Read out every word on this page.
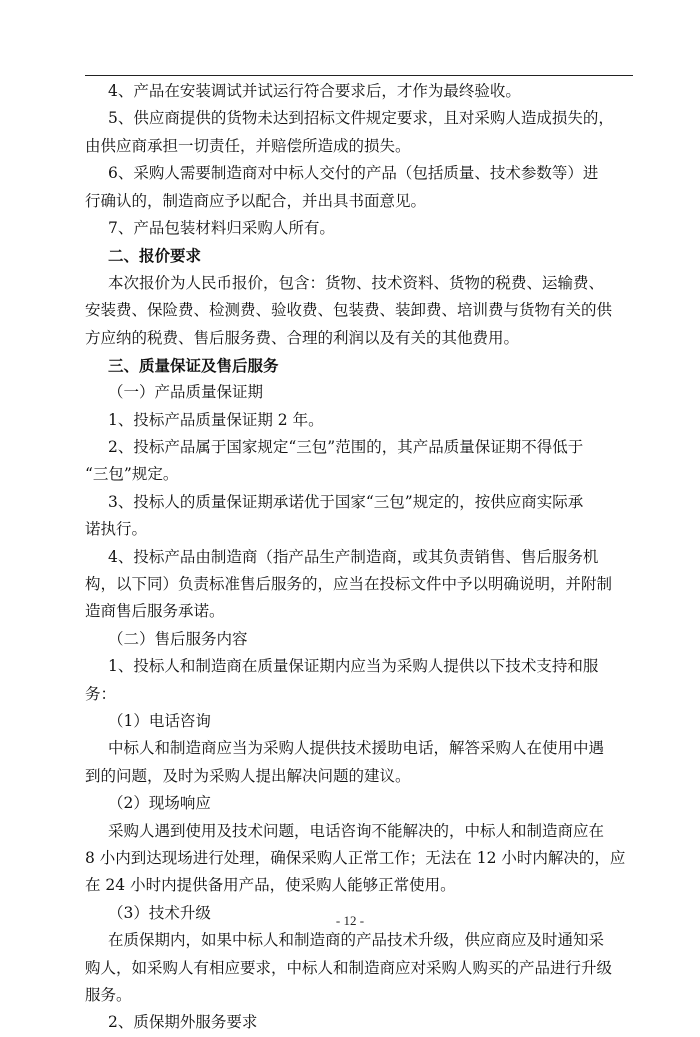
4、产品在安装调试并试运行符合要求后，才作为最终验收。
5、供应商提供的货物未达到招标文件规定要求，且对采购人造成损失的，
由供应商承担一切责任，并赔偿所造成的损失。
6、采购人需要制造商对中标人交付的产品（包括质量、技术参数等）进
行确认的，制造商应予以配合，并出具书面意见。
7、产品包装材料归采购人所有。
二、报价要求
本次报价为人民币报价，包含：货物、技术资料、货物的税费、运输费、
安装费、保险费、检测费、验收费、包装费、装卸费、培训费与货物有关的供
方应纳的税费、售后服务费、合理的利润以及有关的其他费用。
三、质量保证及售后服务
（一）产品质量保证期
1、投标产品质量保证期 2 年。
2、投标产品属于国家规定“三包”范围的，其产品质量保证期不得低于
“三包”规定。
3、投标人的质量保证期承诺优于国家“三包”规定的，按供应商实际承
诺执行。
4、投标产品由制造商（指产品生产制造商，或其负责销售、售后服务机
构，以下同）负责标准售后服务的，应当在投标文件中予以明确说明，并附制
造商售后服务承诺。
（二）售后服务内容
1、投标人和制造商在质量保证期内应当为采购人提供以下技术支持和服
务：
（1）电话咨询
中标人和制造商应当为采购人提供技术援助电话，解答采购人在使用中遇
到的问题，及时为采购人提出解决问题的建议。
（2）现场响应
采购人遇到使用及技术问题，电话咨询不能解决的，中标人和制造商应在
8 小内到达现场进行处理，确保采购人正常工作；无法在 12 小时内解决的，应
在 24 小时内提供备用产品，使采购人能够正常使用。
（3）技术升级
在质保期内，如果中标人和制造商的产品技术升级，供应商应及时通知采
购人，如采购人有相应要求，中标人和制造商应对采购人购买的产品进行升级
服务。
2、质保期外服务要求
- 12 -
